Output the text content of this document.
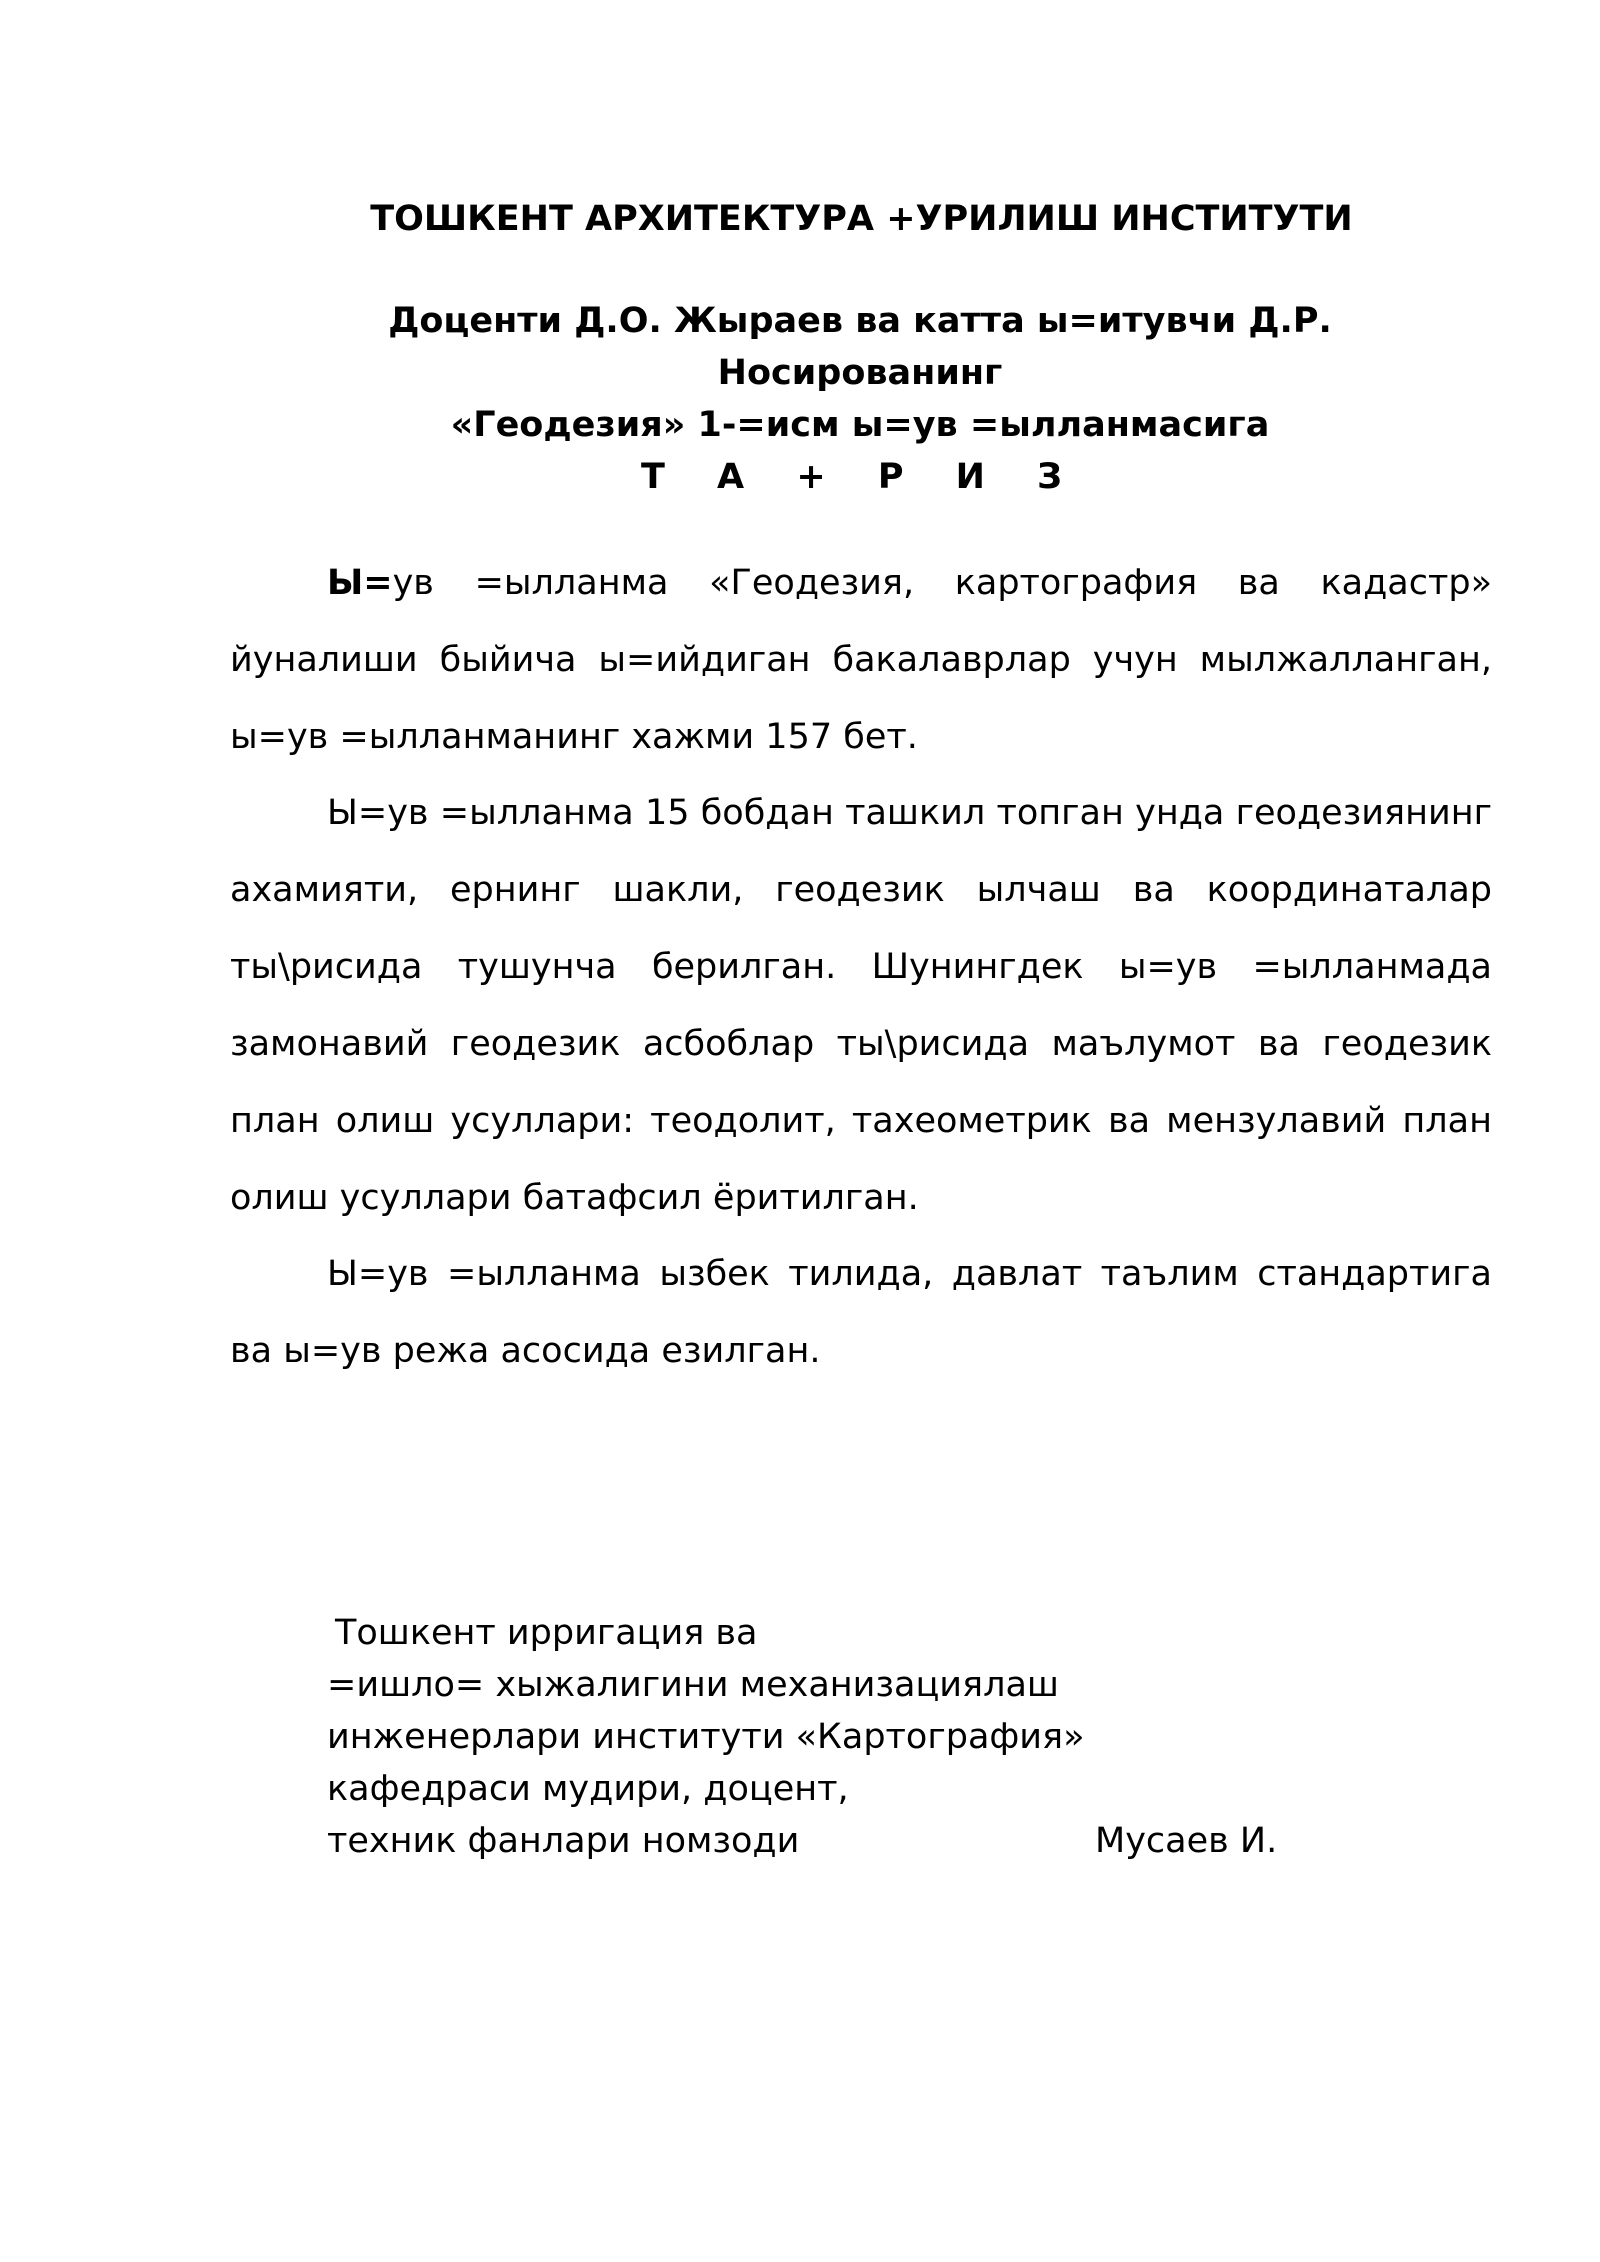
ТОШКЕНТ АРХИТЕКТУРА +УРИЛИШ ИНСТИТУТИ
Доценти Д.О. Жыраев ва катта ы=итувчи Д.Р. Носированинг
«Геодезия» 1-=исм ы=ув =ылланмасига
Т А + Р И З

Ы=ув =ылланма «Геодезия, картография ва кадастр» йуналиши быйича ы=ийдиган бакалаврлар учун мылжалланган, ы=ув =ылланманинг хажми 157 бет.

Ы=ув =ылланма 15 бобдан ташкил топган унда геодезиянинг ахамияти, ернинг шакли, геодезик ылчаш ва координаталар ты\рисида тушунча берилган. Шунингдек ы=ув =ылланмада замонавий геодезик асбоблар ты\рисида маълумот ва геодезик план олиш усуллари: теодолит, тахеометрик ва мензулавий план олиш усуллари батафсил ёритилган.

Ы=ув =ылланма ызбек тилида, давлат таълим стандартига ва ы=ув режа асосида езилган.

Тошкент ирригация ва

=ишло= хыжалигини механизациялаш

инженерлари институти «Картография»

кафедраси мудири, доцент,

техник фанлари номзоди	Мусаев И.
